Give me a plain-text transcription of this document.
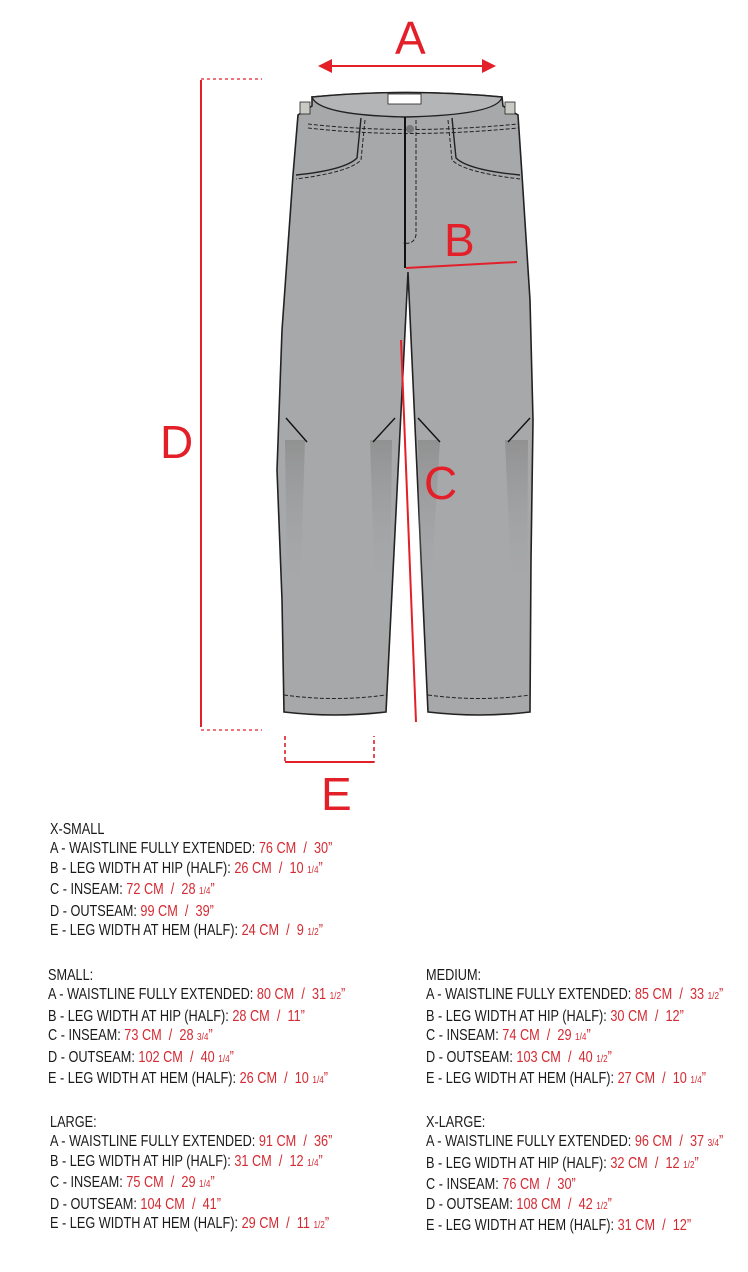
A
B
C
D
E
X-SMALL
A - WAISTLINE FULLY EXTENDED: 76 CM  /  30 ”
B - LEG WIDTH AT HIP (HALF): 26 CM  /  10 1/4 ”
C - INSEAM: 72 CM  /  28 1/4 ”
D - OUTSEAM: 99 CM  /  39 ”
E - LEG WIDTH AT HEM (HALF): 24 CM  /  9 1/2 ”
SMALL:
A - WAISTLINE FULLY EXTENDED: 80 CM  /  31 1/2 ”
B - LEG WIDTH AT HIP (HALF): 28 CM  /  11 ”
C - INSEAM: 73 CM  /  28 3/4 ”
D - OUTSEAM: 102 CM  /  40 1/4 ”
E - LEG WIDTH AT HEM (HALF): 26 CM  /  10 1/4 ”
MEDIUM:
A - WAISTLINE FULLY EXTENDED: 85 CM  /  33 1/2 ”
B - LEG WIDTH AT HIP (HALF): 30 CM  /  12 ”
C - INSEAM: 74 CM  /  29 1/4 ”
D - OUTSEAM: 103 CM  /  40 1/2 ”
E - LEG WIDTH AT HEM (HALF): 27 CM  /  10 1/4 ”
LARGE:
A - WAISTLINE FULLY EXTENDED: 91 CM  /  36 ”
B - LEG WIDTH AT HIP (HALF): 31 CM  /  12 1/4 ”
C - INSEAM: 75 CM  /  29 1/4 ”
D - OUTSEAM: 104 CM  /  41 ”
E - LEG WIDTH AT HEM (HALF): 29 CM  /  11 1/2 ”
X-LARGE:
A - WAISTLINE FULLY EXTENDED: 96 CM  /  37 3/4 ”
B - LEG WIDTH AT HIP (HALF): 32 CM  /  12 1/2 ”
C - INSEAM: 76 CM  /  30 ”
D - OUTSEAM: 108 CM  /  42 1/2 ”
E - LEG WIDTH AT HEM (HALF): 31 CM  /  12 ”
